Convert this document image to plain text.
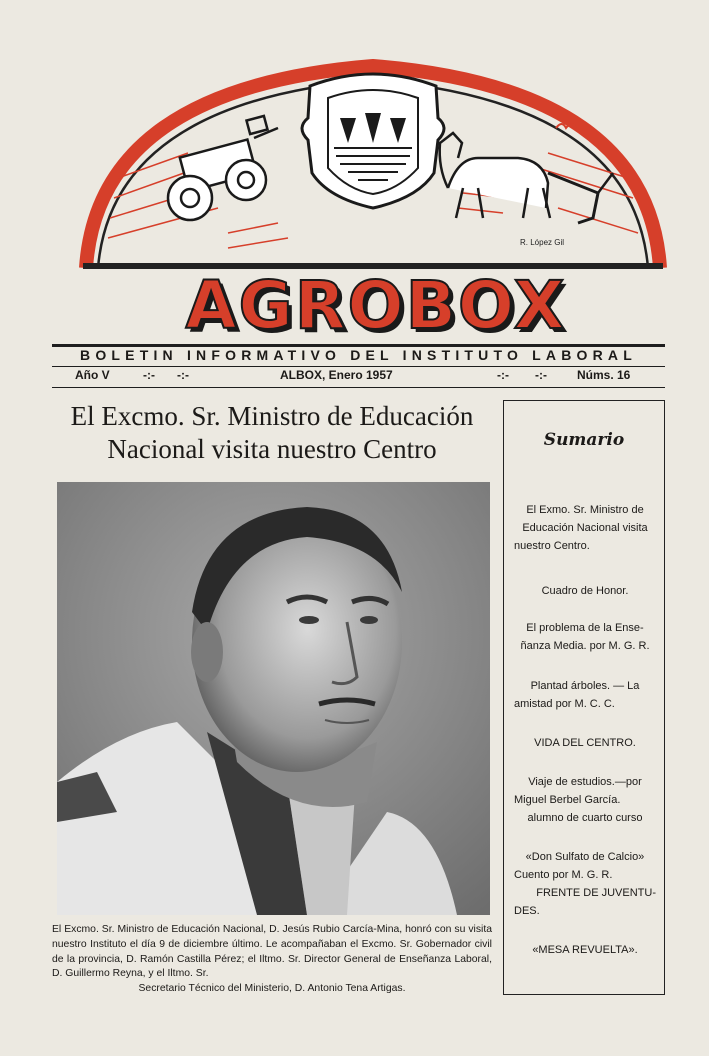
AGROBOX
R. López Gil
BOLETIN INFORMATIVO DEL INSTITUTO LABORAL
Año V	-:- -:-	ALBOX, Enero 1957	-:- -:-	Núms. 16
El Excmo. Sr. Ministro de Educación
Nacional visita nuestro Centro
El Excmo. Sr. Ministro de Educación Nacional, D. Jesús Rubio Carcía-Mina, honró con su visita nuestro Instituto el día 9 de diciembre último. Le acompañaban el Excmo. Sr. Gobernador civil de la provincia, D. Ramón Castilla Pérez; el Iltmo. Sr. Director General de Enseñanza Laboral, D. Guillermo Reyna, y el Iltmo. Sr.
Secretario Técnico del Ministerio, D. Antonio Tena Artigas.
Sumario
El Exmo. Sr. Ministro de
Educación Nacional visita
nuestro Centro.
Cuadro de Honor.
El problema de la Ense-
ñanza Media. por M. G. R.
Plantad árboles. — La
amistad por M. C. C.
VIDA DEL CENTRO.
Viaje de estudios.—por
Miguel Berbel García.
alumno de cuarto curso
«Don Sulfato de Calcio»
Cuento por M. G. R.
FRENTE DE JUVENTU-
DES.
«MESA REVUELTA».
